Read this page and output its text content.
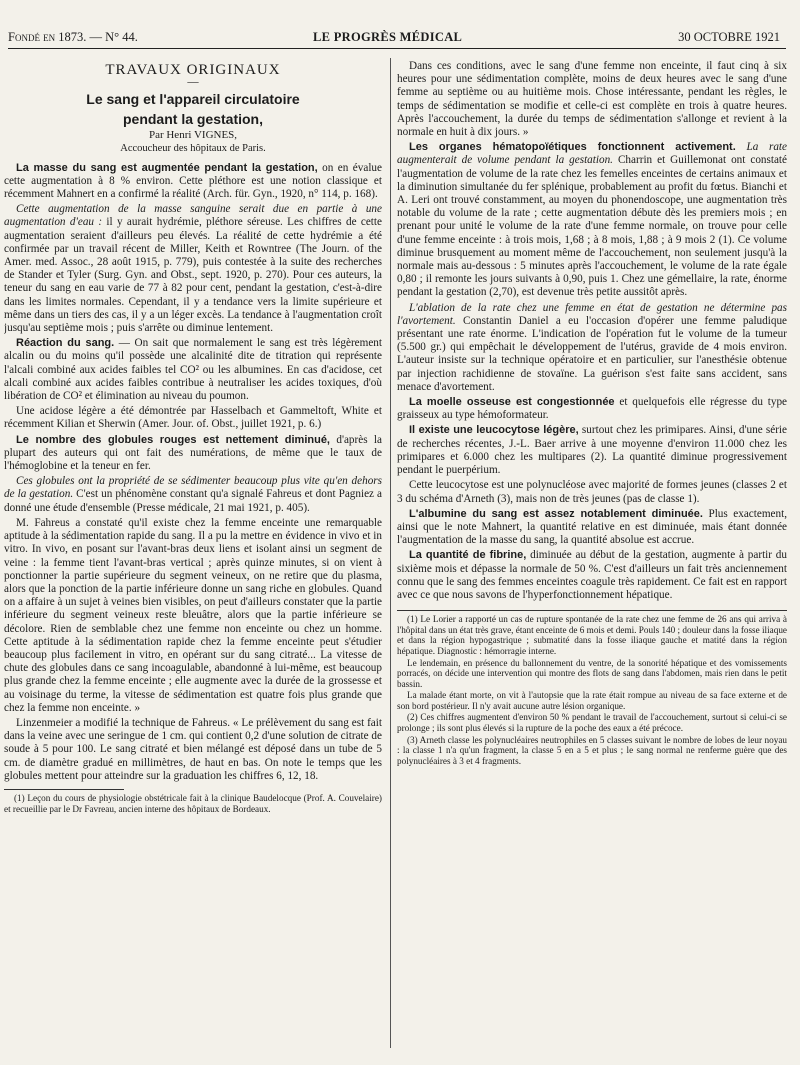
Fondé en 1873. — N° 44.	LE PROGRÈS MÉDICAL	30 OCTOBRE 1921
TRAVAUX ORIGINAUX
—
Le sang et l'appareil circulatoire
pendant la gestation,
Par Henri VIGNES,
Accoucheur des hôpitaux de Paris.

La masse du sang est augmentée pendant la gestation, on en évalue cette augmentation à 8 % environ. Cette pléthore est une notion classique et récemment Mahnert en a confirmé la réalité (Arch. für. Gyn., 1920, n° 114, p. 168).

Cette augmentation de la masse sanguine serait due en partie à une augmentation d'eau : il y aurait hydrémie, pléthore séreuse. Les chiffres de cette augmentation seraient d'ailleurs peu élevés. La réalité de cette hydrémie a été confirmée par un travail récent de Miller, Keith et Rowntree (The Journ. of the Amer. med. Assoc., 28 août 1915, p. 779), puis contestée à la suite des recherches de Stander et Tyler (Surg. Gyn. and Obst., sept. 1920, p. 270). Pour ces auteurs, la teneur du sang en eau varie de 77 à 82 pour cent, pendant la gestation, c'est-à-dire dans les limites normales. Cependant, il y a tendance vers la limite supérieure et même dans un tiers des cas, il y a un léger excès. La tendance à l'augmentation croît jusqu'au septième mois ; puis s'arrête ou diminue lentement.

Réaction du sang. — On sait que normalement le sang est très légèrement alcalin ou du moins qu'il possède une alcalinité dite de titration qui représente l'alcali combiné aux acides faibles tel CO² ou les albumines. En cas d'acidose, cet alcali combiné aux acides faibles contribue à neutraliser les acides toxiques, d'où libération de CO² et élimination au niveau du poumon.

Une acidose légère a été démontrée par Hasselbach et Gammeltoft, White et récemment Kilian et Sherwin (Amer. Jour. of. Obst., juillet 1921, p. 6.)

Le nombre des globules rouges est nettement diminué, d'après la plupart des auteurs qui ont fait des numérations, de même que le taux de l'hémoglobine et la teneur en fer.

Ces globules ont la propriété de se sédimenter beaucoup plus vite qu'en dehors de la gestation. C'est un phénomène constant qu'a signalé Fahreus et dont Pagniez a donné une étude d'ensemble (Presse médicale, 21 mai 1921, p. 405).

M. Fahreus a constaté qu'il existe chez la femme enceinte une remarquable aptitude à la sédimentation rapide du sang. Il a pu la mettre en évidence in vivo et in vitro. In vivo, en posant sur l'avant-bras deux liens et isolant ainsi un segment de veine : la femme tient l'avant-bras vertical ; après quinze minutes, si on vient à ponctionner la partie supérieure du segment veineux, on ne retire que du plasma, alors que la ponction de la partie inférieure donne un sang riche en globules. Quand on a affaire à un sujet à veines bien visibles, on peut d'ailleurs constater que la partie inférieure du segment veineux reste bleuâtre, alors que la partie inférieure se décolore. Rien de semblable chez une femme non enceinte ou chez un homme. Cette aptitude à la sédimentation rapide chez la femme enceinte peut s'étudier beaucoup plus facilement in vitro, en opérant sur du sang citraté... La vitesse de chute des globules dans ce sang incoagulable, abandonné à lui-même, est beaucoup plus grande chez la femme enceinte ; elle augmente avec la durée de la grossesse et au voisinage du terme, la vitesse de sédimentation est quatre fois plus grande que chez la femme non enceinte. »

Linzenmeier a modifié la technique de Fahreus. « Le prélèvement du sang est fait dans la veine avec une seringue de 1 cm. qui contient 0,2 d'une solution de citrate de soude à 5 pour 100. Le sang citraté et bien mélangé est déposé dans un tube de 5 cm. de diamètre gradué en millimètres, de haut en bas. On note le temps que les globules mettent pour atteindre sur la graduation les chiffres 6, 12, 18.

(1) Leçon du cours de physiologie obstétricale fait à la clinique Baudelocque (Prof. A. Couvelaire) et recueillie par le Dr Favreau, ancien interne des hôpitaux de Bordeaux.

Dans ces conditions, avec le sang d'une femme non enceinte, il faut cinq à six heures pour une sédimentation complète, moins de deux heures avec le sang d'une femme au septième ou au huitième mois. Chose intéressante, pendant les règles, le temps de sédimentation se modifie et celle-ci est complète en trois à quatre heures. Après l'accouchement, la durée du temps de sédimentation s'allonge et revient à la normale en huit à dix jours. »

Les organes hématopoïétiques fonctionnent activement. La rate augmenterait de volume pendant la gestation. Charrin et Guillemonat ont constaté l'augmentation de volume de la rate chez les femelles enceintes de certains animaux et la diminution simultanée du fer splénique, probablement au profit du fœtus. Bianchi et A. Leri ont trouvé constamment, au moyen du phonendoscope, une augmentation très notable du volume de la rate ; cette augmentation débute dès les premiers mois ; en prenant pour unité le volume de la rate d'une femme normale, on trouve pour celle d'une femme enceinte : à trois mois, 1,68 ; à 8 mois, 1,88 ; à 9 mois 2 (1). Ce volume diminue brusquement au moment même de l'accouchement, non seulement jusqu'à la normale mais au-dessous : 5 minutes après l'accouchement, le volume de la rate égale 0,80 ; il remonte les jours suivants à 0,90, puis 1. Chez une gémellaire, la rate, énorme pendant la gestation (2,70), est devenue très petite aussitôt après.

L'ablation de la rate chez une femme en état de gestation ne détermine pas l'avortement. Constantin Daniel a eu l'occasion d'opérer une femme paludique présentant une rate énorme. L'indication de l'opération fut le volume de la tumeur (5.500 gr.) qui empêchait le développement de l'utérus, gravide de 4 mois environ. L'auteur insiste sur la technique opératoire et en particulier, sur l'anesthésie obtenue par injection rachidienne de stovaïne. La guérison s'est faite sans accident, sans menace d'avortement.

La moelle osseuse est congestionnée et quelquefois elle régresse du type graisseux au type hémoformateur.

Il existe une leucocytose légère, surtout chez les primipares. Ainsi, d'une série de recherches récentes, J.-L. Baer arrive à une moyenne d'environ 11.000 chez les primipares et 6.000 chez les multipares (2). La quantité diminue progressivement pendant le puerpérium.

Cette leucocytose est une polynucléose avec majorité de formes jeunes (classes 2 et 3 du schéma d'Arneth (3), mais non de très jeunes (pas de classe 1).

L'albumine du sang est assez notablement diminuée. Plus exactement, ainsi que le note Mahnert, la quantité relative en est diminuée, mais étant donnée l'augmentation de la masse du sang, la quantité absolue est accrue.

La quantité de fibrine, diminuée au début de la gestation, augmente à partir du sixième mois et dépasse la normale de 50 %. C'est d'ailleurs un fait très anciennement connu que le sang des femmes enceintes coagule très rapidement. Ce fait est en rapport avec ce que nous savons de l'hyperfonctionnement hépatique.

(1) Le Lorier a rapporté un cas de rupture spontanée de la rate chez une femme de 26 ans qui arriva à l'hôpital dans un état très grave, étant enceinte de 6 mois et demi. Pouls 140 ; douleur dans la fosse iliaque et dans la région hypogastrique ; submatité dans la fosse iliaque gauche et matité dans la région hépatique. Diagnostic : hémorragie interne.

Le lendemain, en présence du ballonnement du ventre, de la sonorité hépatique et des vomissements porracés, on décide une intervention qui montre des flots de sang dans l'abdomen, mais rien dans le petit bassin.

La malade étant morte, on vit à l'autopsie que la rate était rompue au niveau de sa face externe et de son bord postérieur. Il n'y avait aucune autre lésion organique.

(2) Ces chiffres augmentent d'environ 50 % pendant le travail de l'accouchement, surtout si celui-ci se prolonge ; ils sont plus élevés si la rupture de la poche des eaux a été précoce.

(3) Arneth classe les polynucléaires neutrophiles en 5 classes suivant le nombre de lobes de leur noyau : la classe 1 n'a qu'un fragment, la classe 5 en a 5 et plus ; le sang normal ne renferme guère que des polynucléaires à 3 et 4 fragments.
